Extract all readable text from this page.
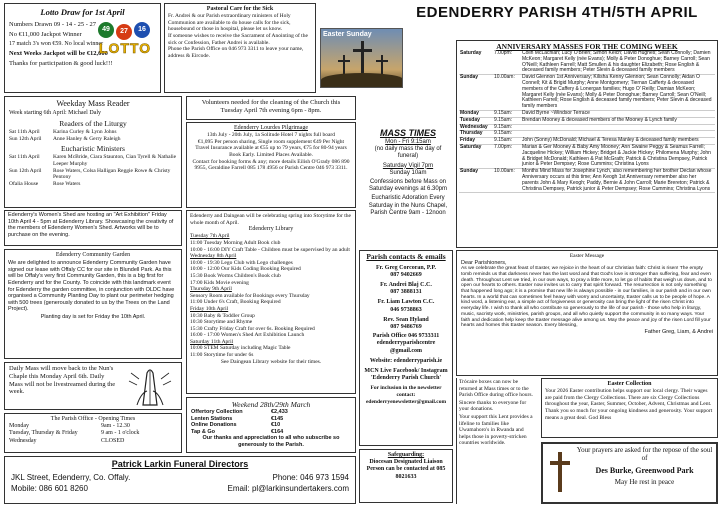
Lotto Draw for 1st April
Numbers Drawn 09 - 14 - 25 - 27
No €11,000 Jackpot Winner
17 match 3's won €59. No local winner
Next Weeks Jackpot will be €12,000
Thanks for participation & good luck!!!
49	27	16
LOTTO
Pastoral Care for the Sick
Fr. Andrei & our Parish extraordinary ministers of Holy Communion are available to do house calls for the sick, housebound or those in hospital, please let us know.
If someone wishes to receive the Sacrament of Anointing of the sick or Confession, Father Andrei is available.
Phone the Parish Office on 046 973 3311 to leave your name, address & Eircode.
EDENDERRY PARISH 4TH/5TH APRIL
Easter Sunday
ANNIVERSARY MASSES FOR THE COMING WEEK
Saturday	7.00pm:	Colin McLachlan; Lucy O'Brien; Simon Kelch; David Hughes; Sean Connolly; Damien McKeon; Margaret Kelly (née Evans); Molly & Peter Donoghue; Barney Carroll; Sean O'Neill; Kathleen Farrell; Matt Smullen & his daughter Elizabeth; Rose English & deceased family members; Peter Slevin & deceased family members
Sunday	10.00am:	David Glennon 1st Anniversary; Kilisha Kenny Glennon; Sean Connolly; Aidan O Connell; Kit & Brigid Murphy; Anne Montgomery; Tiernan Cafferty & deceased members of the Caffery & Lonergan families; Hugo O' Reilly; Damian McKeon; Margaret Kelly (née Evans); Molly & Peter Donoghue; Barney Carroll; Sean O'Neill; Kathleen Farrell; Rose English & deceased family members; Peter Slevin & deceased family members
Monday	9.15am:	David Byrne ~Windsor Terrace
Tuesday	9.15am:	Brendan Mooney & deceased members of the Mooney & Lynch family
Wednesday	9.15am:	
Thursday	9.15am:	
Friday	9.15am:	John (Sonny) McDonald; Michael & Teresa Manley & deceased family members
Saturday	7.00pm:	Marian & Ger Mooney & Baby Amy Mooney; Ann Swaine Peggy & Seamus Farrell; Jacqueline Hickey; William Hickey; Bridget & Jackie Hickey; Philomena Murphy; John & Bridget McDonald; Kathleen & Pat McGrath; Patrick & Christina Dempsey, Patrick junior & Peter Dempsey; Rose Cummins; Christina Lyons
Sunday	10.00am:	Months Mind Mass for Josephine Lynch, also remembering her brother Declan whose Anniversary occurs at this time; Ann Keogh 1st Anniversary remember also her parents John & Mary Keogh; Paddy, Bernie & John Carroll; Marie Brereton; Patrick & Christina Dempsey, Patrick junior & Peter Dempsey; Rose Cummins; Christina Lyons
Volunteers needed for the cleaning of the Church this Tuesday April 7th evening 6pm - 8pm.
Edenderry Lourdes Pilgrimage
13th July - 20th July, 1a Solitude Hotel 7 nights full board
€1,095 Per person sharing, Single room supplement €49 Per Night
Travel Insurance available at €55 up to 79 years, €75 for 80-94 years
Book Early. Limited Places Available.
Contact for booking forms & any; more details Eilish O'Grady 086 890 9955, Geraldine Farrell 085 178 4956 or Parish Centre 046 973 3311.
MASS TIMES
Mon - Fri 9:15am
(no daily mass the day of funeral)
Saturday Vigil 7pm
Sunday 10am
Confessions before Mass on Saturday evenings at 6.30pm
Eucharistic Adoration Every Saturday in the Nuns Chapel, Parish Centre 9am - 12noon
Weekday Mass Reader
Week starting 6th April: Michael Daly
Readers of the Liturgy
Sat 11th April	Karina Curley & Lynn Johns
Sun 12th April	Anne Hanley & Gerry Raleigh
Eucharistic Ministers
Sat 11th April	Karen McBride, Ciara Staunton, Cian Tyrell & Nathalie Leeper Murphy
Sun 12th April	Rose Waters, Colsa Halligan Reggie Rowe & Christy Pentony
Ofalia House	Rose Waters
Edenderry's Women's Shed are hosting an "Art Exhibition" Friday 10th April 4 - 5pm at Edenderry Library. Showcasing the creativity of the members of Edenderry Women's Shed. Artworks will be to purchase on the evening.
Edenderry Community Garden
We are delighted to announce Edenderry Community Garden have signed our lease with Offaly CC for our site in Blundell Park. As this will be Offaly's very first Community Garden, this is a big first for Edenderry and for the County. To coincide with this landmark event for Edenderry the garden committee, in conjunction with OLDC have organised a Community Planting Day to plant our perimeter hedging with 500 trees (generously donated to us by the Trees on the Land Project).
Planting day is set for Friday the 10th April.
Daily Mass will move back to the Nun's Chaple this Monday April 6th. Daily Mass will not be livestreamed during the week.
The Parish Office - Opening Times
Monday	9am - 12.30
Tuesday, Thursday & Friday	9 am - 1 o'clock
Wednesday	CLOSED
Edenderry and Daingean will be celebrating spring into Storytime for the whole month of April.
Edenderry Library
Tuesday 7th April
11:00 Tuesday Morning Adult Book club
10:00 - 16:00 DIY Craft Table - Children must be supervised by an adult
Wednesday 8th April
10:00 - 19:30 Lego Club with Lego challenges
10:00 - 12:00 Our Kids Coding Booking Required
15:30 Book Worms Children's Book club
17:00 Kids Movie evening
Thursday 9th April
Sensory Room available for Bookings every Thursday
11:00 Under 6's Craft, Booking Required
Friday 10th April
10:30 Baby & Toddler Group
10:30 Storytime and Rhyme
15:30 Crafty Friday Craft for over 6s. Booking Required
16:00 - 17:00 Women's Shed Art Exhibition Launch
Saturday 11th April
10:00 STEM Saturday including Magic Table
11:00 Storytime for under 6s
See Daingean Library website for their times.
Weekend 28th/29th March
Offertory Collection	€2,433
Lenten Stations	€145
Online Donations	€10
Tap & Go	€164
Our thanks and appreciation to all who subscribe so generously to the Parish.
Parish contacts & emails
Fr. Greg Corcoran, P.P.
087 9402669
Fr. Andrei Blaj C.C.
087 3888131
Fr. Liam Lawton C.C.
046 9738863
Rev. Sean Hyland
087 9486769
Parish Office 046 9733311
edenderryparishcentre @gmail.com
Website: edenderryparish.ie
MCN Live Facebook/ Instagram 'Edenderry Parish Church'
For inclusion in the newsletter contact: edenderryenewsletter@gmail.com
Safeguarding:
Diocesan Designated Liaison Person can be contacted at 085 8021633
Trócaire boxes can now be returned at Mass times or to the Parish Office during office hours.
Sincere thanks to everyone for your donations.
Your support this Lent provides a lifeline to families like Uwamahoro's in Rwanda and helps those in poverty-stricken countries worldwide.
Easter Message
Dear Parishioners,
As we celebrate the great feast of Easter, we rejoice in the heart of our Christian faith: Christ is risen! The empty tomb reminds us that darkness never has the last word and that God's love is stronger than suffering, fear and even death. Throughout Lent we tried, in our own ways, to pray a little more, to let go of habits that weigh us down, and to open our hearts to others. Easter now invites us to carry that spirit forward. The resurrection is not only something that happened long ago; it is a promise that new life is always possible - in our families, in our parish and in our own hearts. In a world that can sometimes feel heavy with worry and uncertainty, Easter calls us to be people of hope. A kind word, a listening ear, a simple act of forgiveness or generosity can bring the light of the risen Christ into everyday life. I wish to thank all who contribute so generously to the life of our parish - those who help in liturgy, music, sacristy work, ministries, parish groups, and all who quietly support the community in so many ways. Your faith and dedication help keep the Easter message alive among us. May the peace and joy of the risen Lord fill your hearts and homes this Easter season. Every blessing,
Father Greg, Liam, & Andrei
Easter Collection
Your 2026 Easter contribution helps support our local clergy. Their wages are paid from the Clergy Collections. There are six Clergy Collections throughout the year, Easter, Summer, October, Advent, Christmas and Lent. Thank you so much for your ongoing kindness and generosity. Your support means a great deal. God Bless
Your prayers are asked for the repose of the soul of
Des Burke, Greenwood Park
May He rest in peace
Patrick Larkin Funeral Directors
JKL Street, Edenderry, Co. Offaly.	Phone: 046 973 1594
Mobile: 086 601 8260	Email: pl@larkinsundertakers.com
